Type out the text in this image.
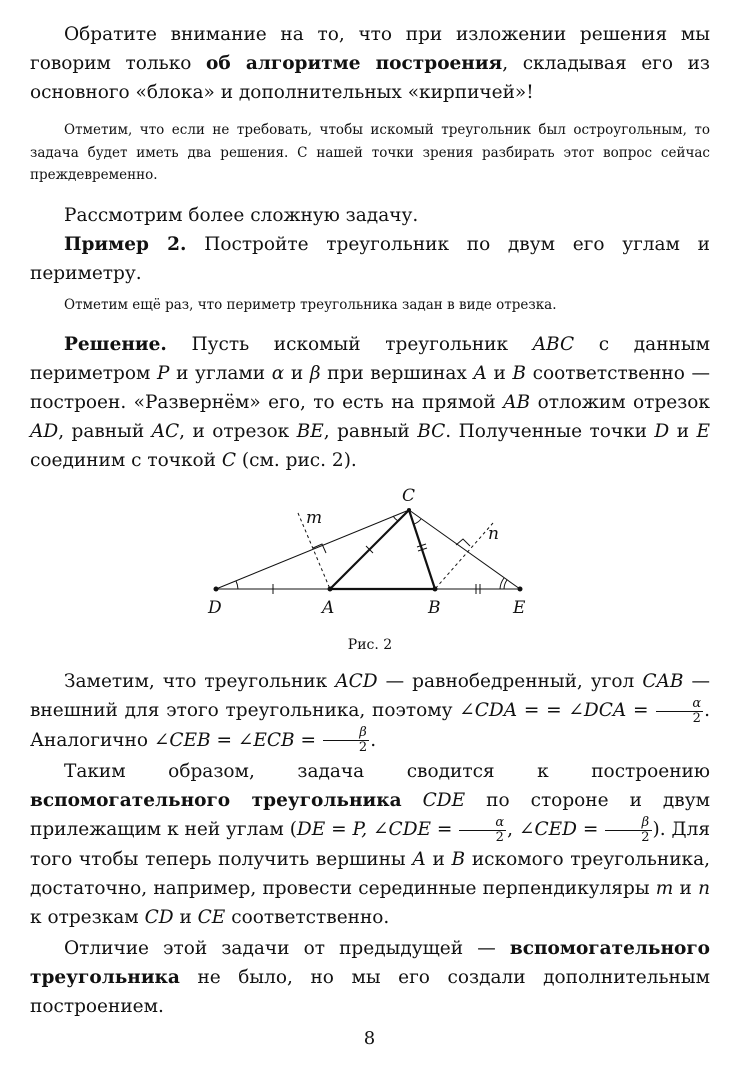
Обратите внимание на то, что при изложении решения мы говорим только об алгоритме построения, складывая его из основного «блока» и дополнительных «кирпичей»!

Отметим, что если не требовать, чтобы искомый треугольник был остроугольным, то задача будет иметь два решения. С нашей точки зрения разбирать этот вопрос сейчас преждевременно.

Рассмотрим более сложную задачу.

Пример 2. Постройте треугольник по двум его углам и периметру.

Отметим ещё раз, что периметр треугольника задан в виде отрезка.

Решение. Пусть искомый треугольник ABC с данным периметром P и углами α и β при вершинах A и B соответственно — построен. «Развернём» его, то есть на прямой AB отложим отрезок AD, равный AC, и отрезок BE, равный BC. Полученные точки D и E соединим с точкой C (см. рис. 2).

C
D	A	B	E
m
n
Рис. 2

Заметим, что треугольник ACD — равнобедренный, угол CAB — внешний для этого треугольника, поэтому ∠CDA = = ∠DCA = $\frac{\alpha}{2}$ . Аналогично ∠CEB = ∠ECB = $\frac{\beta}{2}$ .

Таким образом, задача сводится к построению вспомогательного треугольника CDE по стороне и двум прилежащим к ней углам (DE = P, ∠CDE = $\frac{\alpha}{2}$ , ∠CED = $\frac{\beta}{2}$ ). Для того чтобы теперь получить вершины A и B искомого треугольника, достаточно, например, провести серединные перпендикуляры m и n к отрезкам CD и CE соответственно.

Отличие этой задачи от предыдущей — вспомогательного треугольника не было, но мы его создали дополнительным построением.

8
